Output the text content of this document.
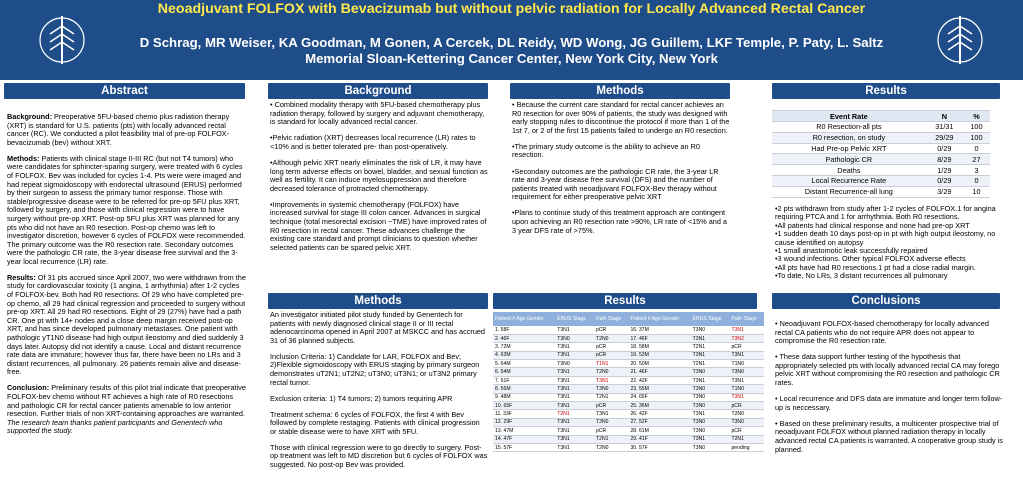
Neoadjuvant FOLFOX with Bevacizumab but without pelvic radiation for Locally Advanced Rectal Cancer
D Schrag, MR Weiser, KA Goodman, M Gonen, A Cercek, DL Reidy, WD Wong, JG Guillem, LKF Temple, P. Paty, L. Saltz
Memorial Sloan-Kettering Cancer Center, New York City, New York
Abstract	Background	Methods	Results
Methods	Results	Conclusions

Background: Preoperative 5FU-based chemo plus radiation therapy (XRT) is standard for U.S. patients (pts) with locally advanced rectal cancer (RC). We conducted a pilot feasibility trial of pre-op FOLFOX-bevacizumab (bev) without XRT.

Methods: Patients with clinical stage II-III RC (but not T4 tumors) who were candidates for sphincter-sparing surgery, were treated with 6 cycles of FOLFOX. Bev was included for cycles 1-4. Pts were were imaged and had repeat sigmoidoscopy with endorectal ultrasound (ERUS) performed by their surgeon to assess the primary tumor response. Those with stable/progressive disease were to be referred for pre-op 5FU plus XRT, followed by surgery, and those with clinical regression were to have surgery without pre-op XRT. Post-op 5FU plus XRT was planned for any pts who did not have an R0 resection. Post-op chemo was left to investigator discretion, however 6 cycles of FOLFOX were recommended. The primary outcome was the R0 resection rate. Secondary outcomes were the pathologic CR rate, the 3-year disease free survival and the 3-year local recurrence (LR) rate.

Results: Of 31 pts accrued since April 2007, two were withdrawn from the study for cardiovascular toxicity (1 angina, 1 arrhythmia) after 1-2 cycles of FOLFOX-bev. Both had R0 resections. Of 29 who have completed pre-op chemo, all 29 had clinical regression and proceeded to surgery without pre-op XRT. All 29 had R0 resections. Eight of 29 (27%) have had a path CR. One pt with 14+ nodes and a close deep margin received post-op XRT, and has since developed pulmonary metastases. One patient with pathologic yT1N0 disease had high output ileostomy and died suddenly 3 days later. Autopsy did not identify a cause. Local and distant recurrence rate data are immature; however thus far, there have been no LRs and 3 distant recurrences, all pulmonary. 26 patients remain alive and disease-free.

Conclusion: Preliminary results of this pilot trial indicate that preoperative FOLFOX-bev chemo without RT achieves a high rate of R0 resections and pathologic CR for rectal cancer patients amenable to low anterior resection. Further trials of non XRT-containing approaches are warranted.
The research team thanks patient participants and Genentech who supported the study.

• Combined modality therapy with 5FU-based chemotherapy plus radiation therapy, followed by surgery and adjuvant chemotherapy, is standard for locally advanced rectal cancer.
•Pelvic radiation (XRT) decreases local recurrence (LR) rates to <10% and is better tolerated pre- than post-operatively.
•Although pelvic XRT nearly eliminates the risk of LR, it may have long term adverse effects on bowel, bladder, and sexual function as well as fertility. It can induce myelosuppression and therefore decreased tolerance of protracted chemotherapy.
•Improvements in systemic chemotherapy (FOLFOX) have increased survival for stage III colon cancer. Advances in surgical technique (total mesorectal excision ~TME) have improved rates of R0 resection in rectal cancer. These advances challenge the existing care standard and prompt clinicians to question whether selected patients can be spared pelvic XRT.
• Because the current care standard for rectal cancer achieves an R0 resection for over 90% of patients, the study was designed with early stopping rules to discontinue the protocol if more than 1 of the 1st 7, or 2 of the first 15 patients failed to undergo an R0 resection.
•The primary study outcome is the ability to achieve an R0 resection.
•Secondary outcomes are the pathologic CR rate, the 3-year LR rate and 3-year disease free survival (DFS) and the number of patients treated with neoadjuvant FOLFOX-Bev therapy without requirement for either preoperative pelvic XRT
•Plans to continue study of this treatment approach are contingent upon achieving an R0 resection rate >90%, LR rate of <15% and a 3 year DFS rate of >75%.
Preliminary Outcomes		
Event Rate	N	%
R0 Resection-all pts	31/31	100
R0 resection, on study	29/29	100
Had Pre-op Pelvic XRT	0/29	0
Pathologic CR	8/29	27
Deaths	1/29	3
Local Recurrence Rate	0/29	0
Distant Recurrence-all lung	3/29	10
•2 pts withdrawn from study after 1-2 cycles of FOLFOX.1 for angina requiring PTCA and 1 for arrhythmia. Both R0 resections.
•All patients had clinical response and none had pre-op XRT
•1 sudden death 10 days post-op in pt with high output ileostomy, no cause identified on autopsy
•1 small anastomotic leak successfully repaired
•3 wound infections. Other typical FOLFOX adverse effects
•All pts have had R0 resections.1 pt had a close radial margin.
•To date, No LRs, 3 distant recurrences all pulmonary

An investigator initiated pilot study funded by Genentech for patients with newly diagnosed clinical stage II or III rectal adenocarcinoma opened in April 2007 at MSKCC and has accrued 31 of 36 planned subjects.

Inclusion Criteria: 1) Candidate for LAR, FOLFOX and Bev; 2)Flexible sigmoidoscopy with ERUS staging by primary surgeon demonstrates uT2N1; uT2N2; uT3N0; uT3N1; or uT3N2 primary rectal tumor.

Exclusion criteria: 1) T4 tumors; 2) tumors requiring APR

Treatment schema: 6 cycles of FOLFOX, the first 4 with Bev followed by complete restaging. Patients with clinical progression or stable disease were to have XRT with 5FU.

Those with clinical regression were to go directly to surgery. Post-op treatment was left to MD discretion but 6 cycles of FOLFOX was suggested. No post-op Bev was provided.

Patient # Age Gender	ERUS Stage	Path Stage	Patient # Age Gender	ERUS Stage	Path Stage
1. 58F	T3N1	pCR	16. 37M	T3N0	T3N1
2. 46F	T3N0	T2N0	17. 46F	T3N1	T3N2
3. 72M	T3N1	pCR	18. 58M	T2N1	pCR
4. 63M	T3N1	pCR	19. 53M	T3N1	T3N1
5. 64M	T3N0	T1N1	20. 50M	T2N1	T1N0
6. 54M	T3N1	T2N0	21. 46F	T3N0	T3N0
7. 61F	T3N1	T3N1	22. 42F	T3N1	T3N1
8. 56M	T3N1	T3N0	23. 55M	T3N0	T1N0
9. 48M	T3N1	T2N1	24. 65F	T3N0	T3N1
10. 65F	T3N1	pCR	25. 36M	T3N0	pCR
11. 33F	T2N1	T3N1	26. 42F	T3N1	T2N0
12. 29F	T3N1	T3N0	27. 52F	T3N0	T3N0
13. 47M	T3N1	pCR	28. 61M	T3N0	pCR
14. 47F	T3N1	T2N1	29. 41F	T3N1	T2N1
15. 57F	T3N1	T2N0	30. 57F	T3N0	pending
• Neoadjuvant FOLFOX-based chemotherapy for locally advanced rectal CA patients who do not require APR does not appear to compromise the R0 resection rate.
• These data support further testing of the hypothesis that appropriately selected pts with locally advanced rectal CA may forego pelvic XRT without compromising the R0 resection and pathologic CR rates.
• Local recurrence and DFS data are immature and longer term follow-up is neccessary.
• Based on these preliminary results, a multicenter prospective trial of neoadjuvant FOLFOX without planned radiation therapy in locally advanced rectal CA patients is warranted. A cooperative group study is planned.
